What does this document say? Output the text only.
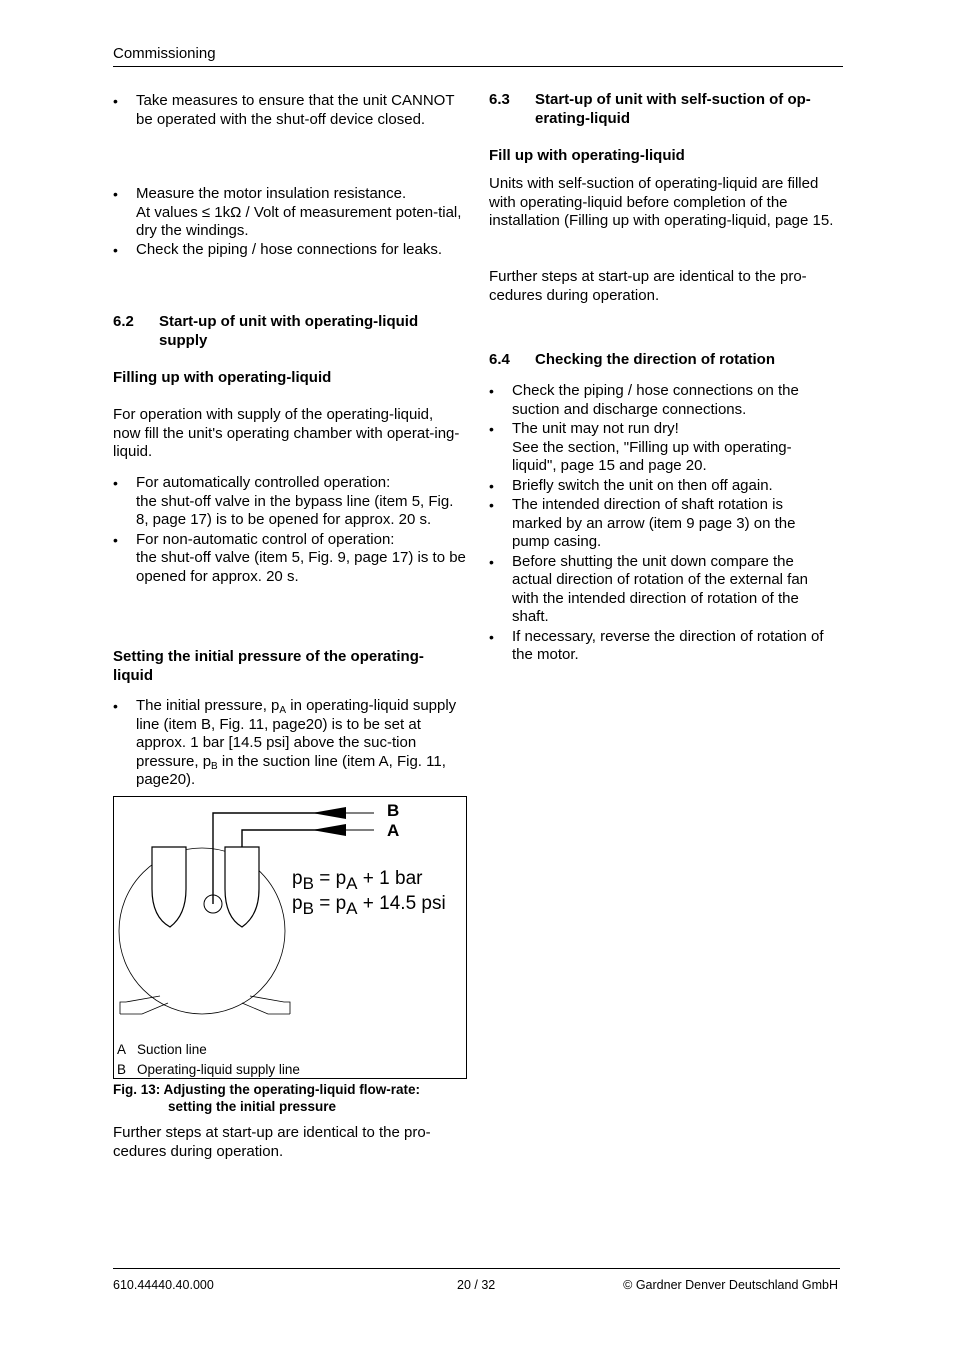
Commissioning
• Take measures to ensure that the unit CANNOT be operated with the shut-off device closed.
• Measure the motor insulation resistance.
At values ≤ 1kΩ / Volt of measurement poten-tial, dry the windings.
• Check the piping / hose connections for leaks.
6.2 Start-up of unit with operating-liquid supply
Filling up with operating-liquid

For operation with supply of the operating-liquid, now fill the unit's operating chamber with operat-ing-liquid.

• For automatically controlled operation:
the shut-off valve in the bypass line (item 5, Fig. 8, page 17) is to be opened for approx. 20 s.
• For non-automatic control of operation:
the shut-off valve (item 5, Fig. 9, page 17) is to be opened for approx. 20 s.
Setting the initial pressure of the operating-liquid
• The initial pressure, $p_A$ in operating-liquid supply line (item B, Fig. 11, page20) is to be set at approx. 1 bar [14.5 psi] above the suc-tion pressure, $p_B$ in the suction line (item A, Fig. 11, page20).
B
A
$p_B = p_A + 1$ bar
$p_B = p_A + 14.5$ psi
A Suction line
B Operating-liquid supply line
Fig. 13: Adjusting the operating-liquid flow-rate:
setting the initial pressure

Further steps at start-up are identical to the pro-cedures during operation.

6.3 Start-up of unit with self-suction of op-erating-liquid
Fill up with operating-liquid

Units with self-suction of operating-liquid are filled with operating-liquid before completion of the installation (Filling up with operating-liquid, page 15.

Further steps at start-up are identical to the pro-cedures during operation.

6.4 Checking the direction of rotation
• Check the piping / hose connections on the suction and discharge connections.
• The unit may not run dry!
See the section, "Filling up with operating-liquid", page 15 and page 20.
• Briefly switch the unit on then off again.
• The intended direction of shaft rotation is marked by an arrow (item 9 page 3) on the pump casing.
• Before shutting the unit down compare the actual direction of rotation of the external fan with the intended direction of rotation of the shaft.
• If necessary, reverse the direction of rotation of the motor.
610.44440.40.000	20 / 32	© Gardner Denver Deutschland GmbH
